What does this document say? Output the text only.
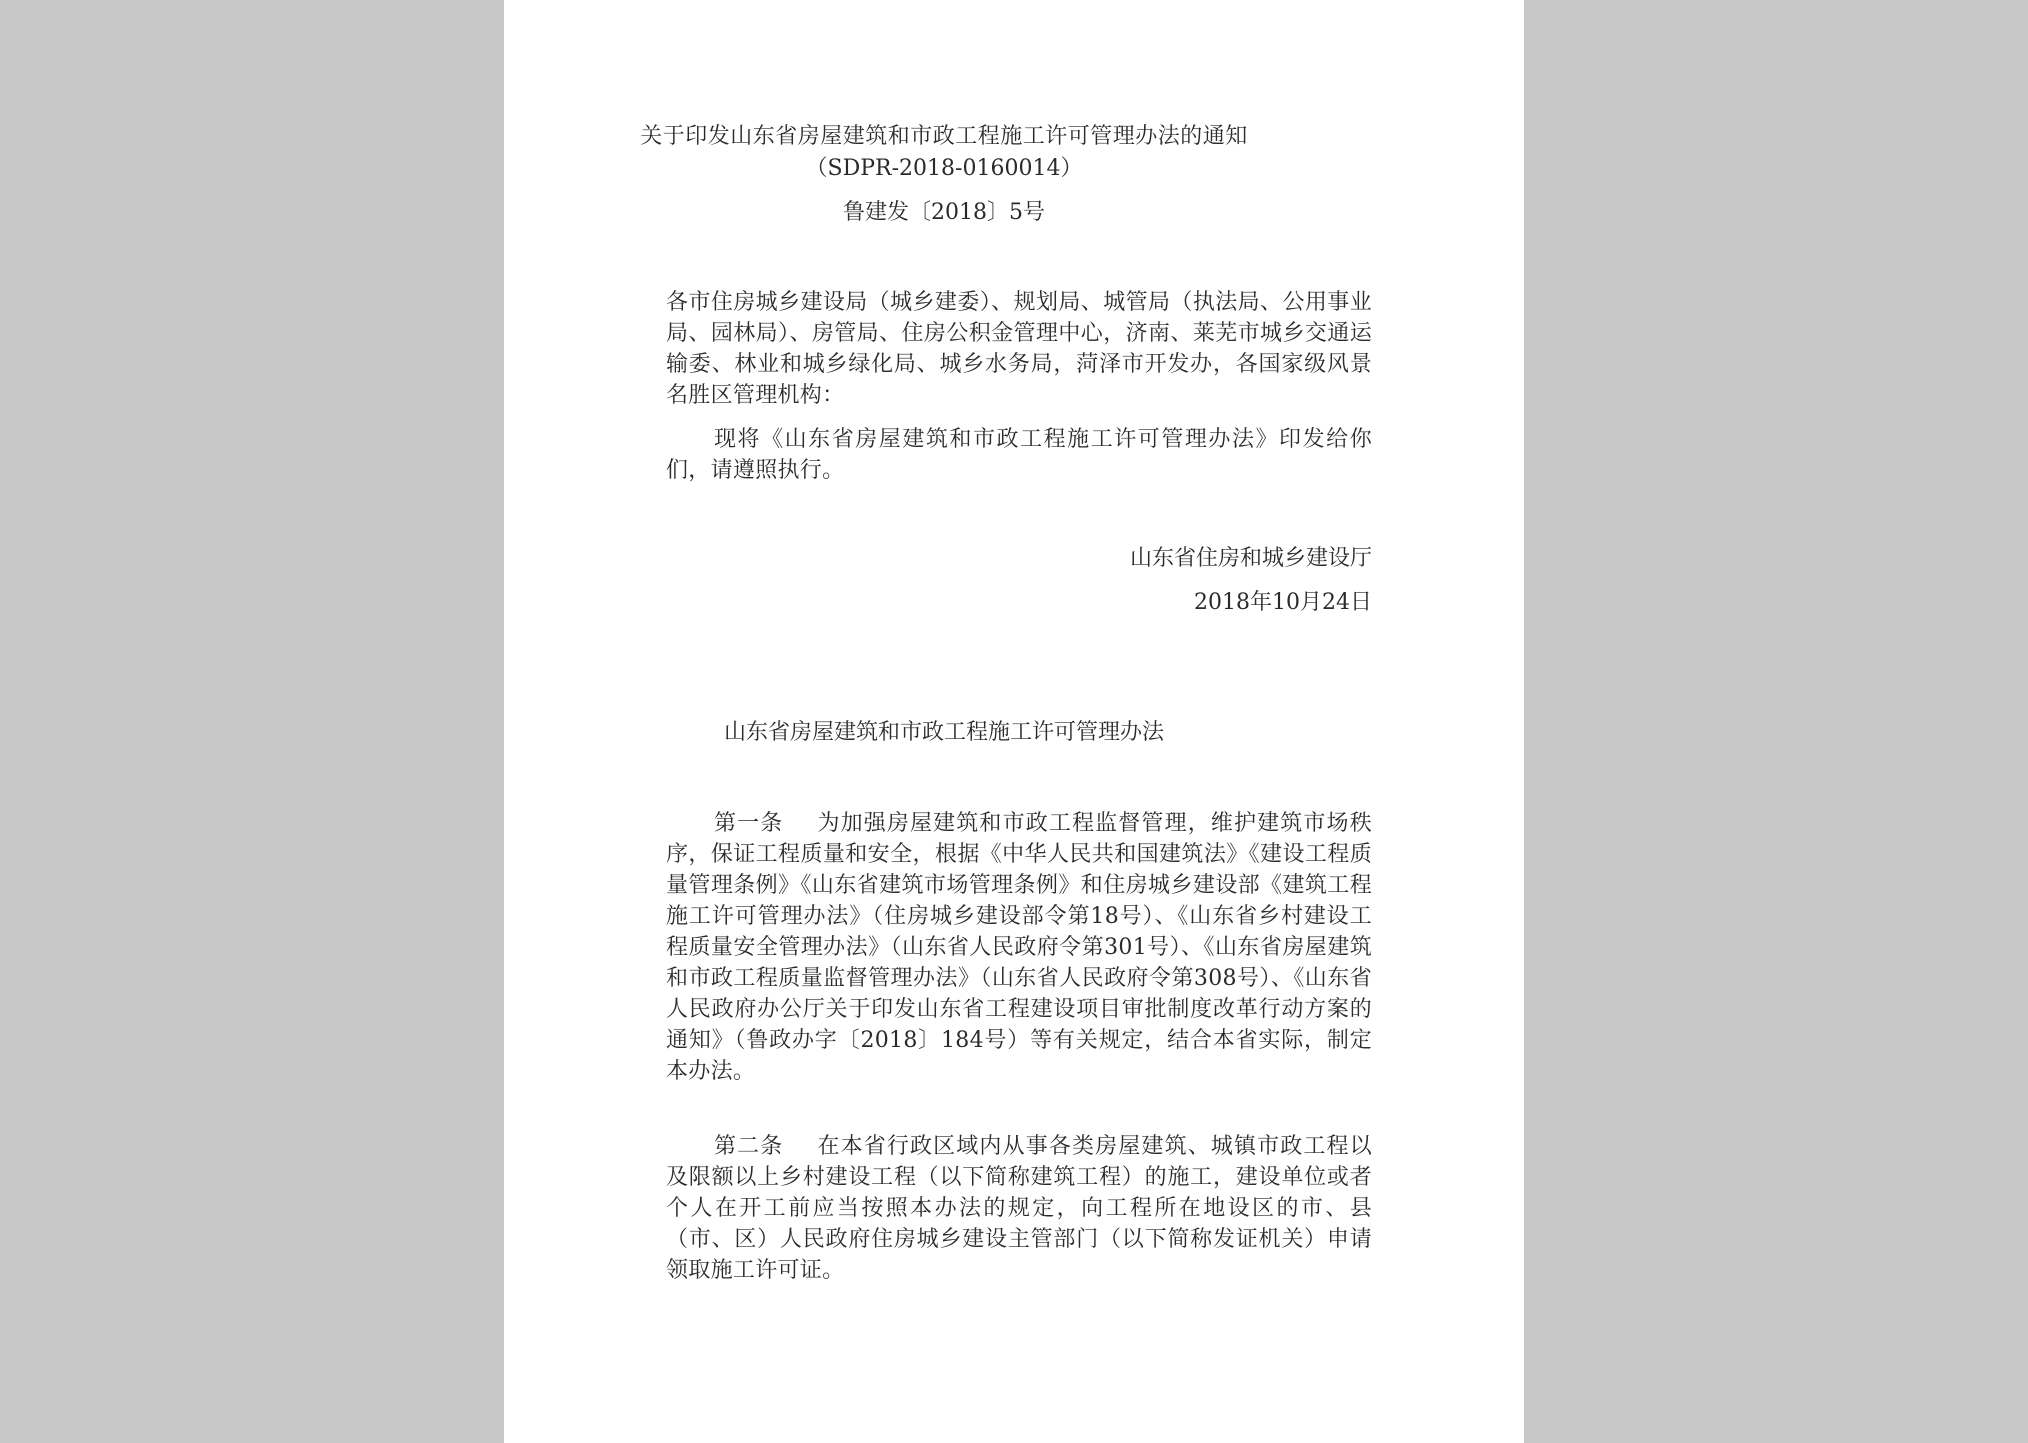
关于印发山东省房屋建筑和市政工程施工许可管理办法的通知
（SDPR-2018-0160014）
鲁建发〔2018〕5号
各市住房城乡建设局（城乡建委）、规划局、城管局（执法局、公用事业局、园林局）、房管局、住房公积金管理中心，济南、莱芜市城乡交通运输委、林业和城乡绿化局、城乡水务局，菏泽市开发办，各国家级风景名胜区管理机构：
现将《山东省房屋建筑和市政工程施工许可管理办法》印发给你们，请遵照执行。
山东省住房和城乡建设厅
2018年10月24日
山东省房屋建筑和市政工程施工许可管理办法
第一条 为加强房屋建筑和市政工程监督管理，维护建筑市场秩序，保证工程质量和安全，根据《中华人民共和国建筑法》《建设工程质量管理条例》《山东省建筑市场管理条例》和住房城乡建设部《建筑工程施工许可管理办法》（住房城乡建设部令第18号）、《山东省乡村建设工程质量安全管理办法》（山东省人民政府令第301号）、《山东省房屋建筑和市政工程质量监督管理办法》（山东省人民政府令第308号）、《山东省人民政府办公厅关于印发山东省工程建设项目审批制度改革行动方案的通知》（鲁政办字〔2018〕184号）等有关规定，结合本省实际，制定本办法。
第二条 在本省行政区域内从事各类房屋建筑、城镇市政工程以及限额以上乡村建设工程（以下简称建筑工程）的施工，建设单位或者个人在开工前应当按照本办法的规定，向工程所在地设区的市、县（市、区）人民政府住房城乡建设主管部门（以下简称发证机关）申请领取施工许可证。
